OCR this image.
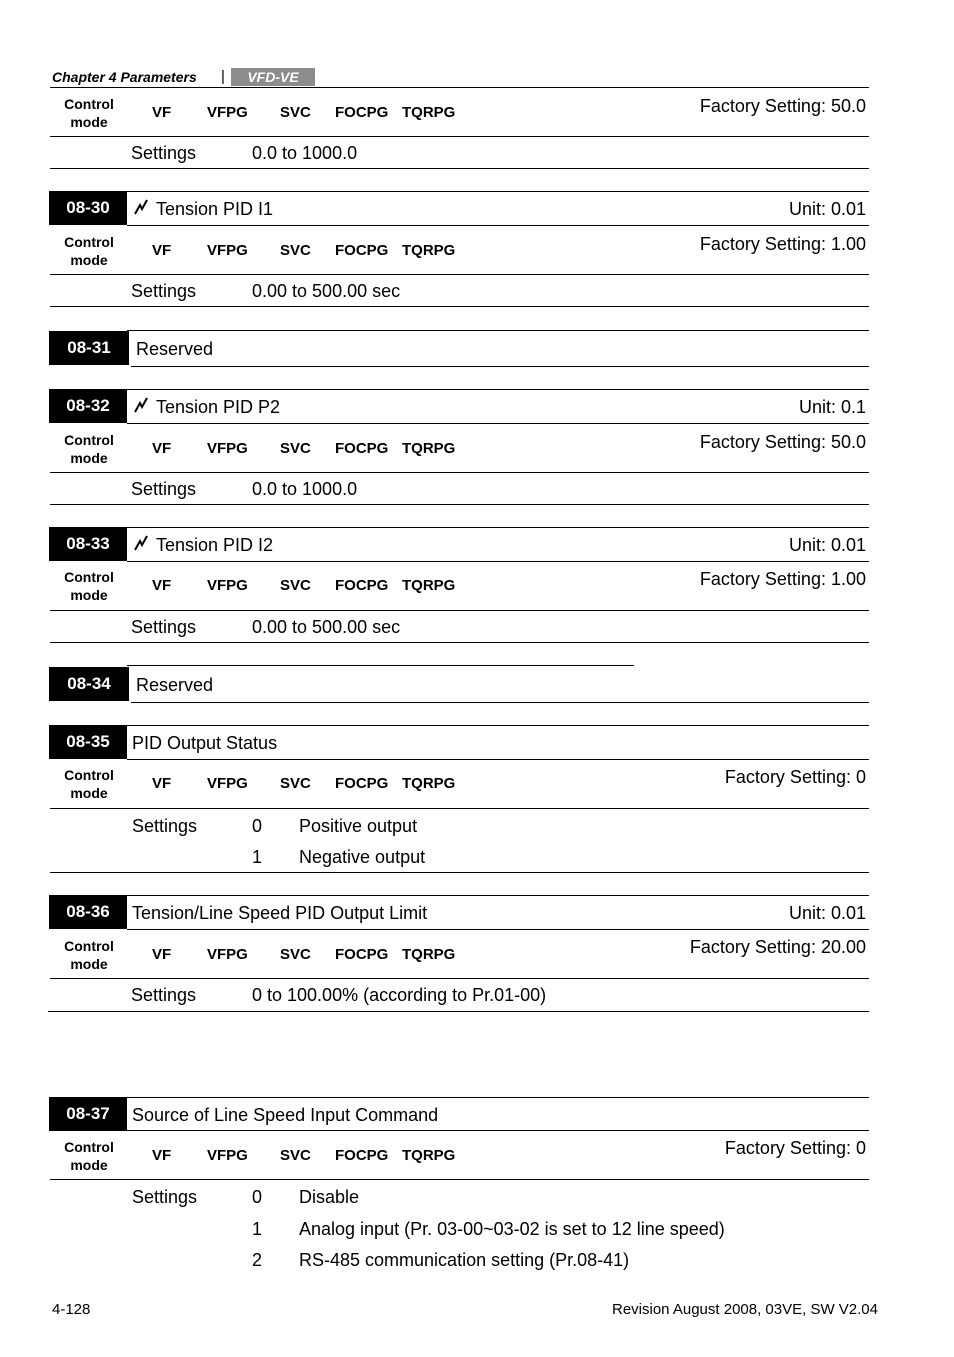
Chapter 4 Parameters | VFD-VE
Control
mode
VF VFPG SVC FOCPG TQRPG	Factory Setting: 50.0
Settings	0.0 to 1000.0
08-30	Tension PID I1	Unit: 0.01
Control
mode
VF VFPG SVC FOCPG TQRPG	Factory Setting: 1.00
Settings	0.00 to 500.00 sec
08-31	Reserved
08-32	Tension PID P2	Unit: 0.1
Control
mode
VF VFPG SVC FOCPG TQRPG	Factory Setting: 50.0
Settings	0.0 to 1000.0
08-33	Tension PID I2	Unit: 0.01
Control
mode
VF VFPG SVC FOCPG TQRPG	Factory Setting: 1.00
Settings	0.00 to 500.00 sec
08-34	Reserved
08-35	PID Output Status
Control
mode
VF VFPG SVC FOCPG TQRPG	Factory Setting: 0
Settings	0 Positive output
1 Negative output
08-36	Tension/Line Speed PID Output Limit	Unit: 0.01
Control
mode
VF VFPG SVC FOCPG TQRPG	Factory Setting: 20.00
Settings	0 to 100.00% (according to Pr.01-00)
08-37	Source of Line Speed Input Command
Control
mode
VF VFPG SVC FOCPG TQRPG	Factory Setting: 0
Settings	0 Disable
1 Analog input (Pr. 03-00~03-02 is set to 12 line speed)
2 RS-485 communication setting (Pr.08-41)
4-128	Revision August 2008, 03VE, SW V2.04
